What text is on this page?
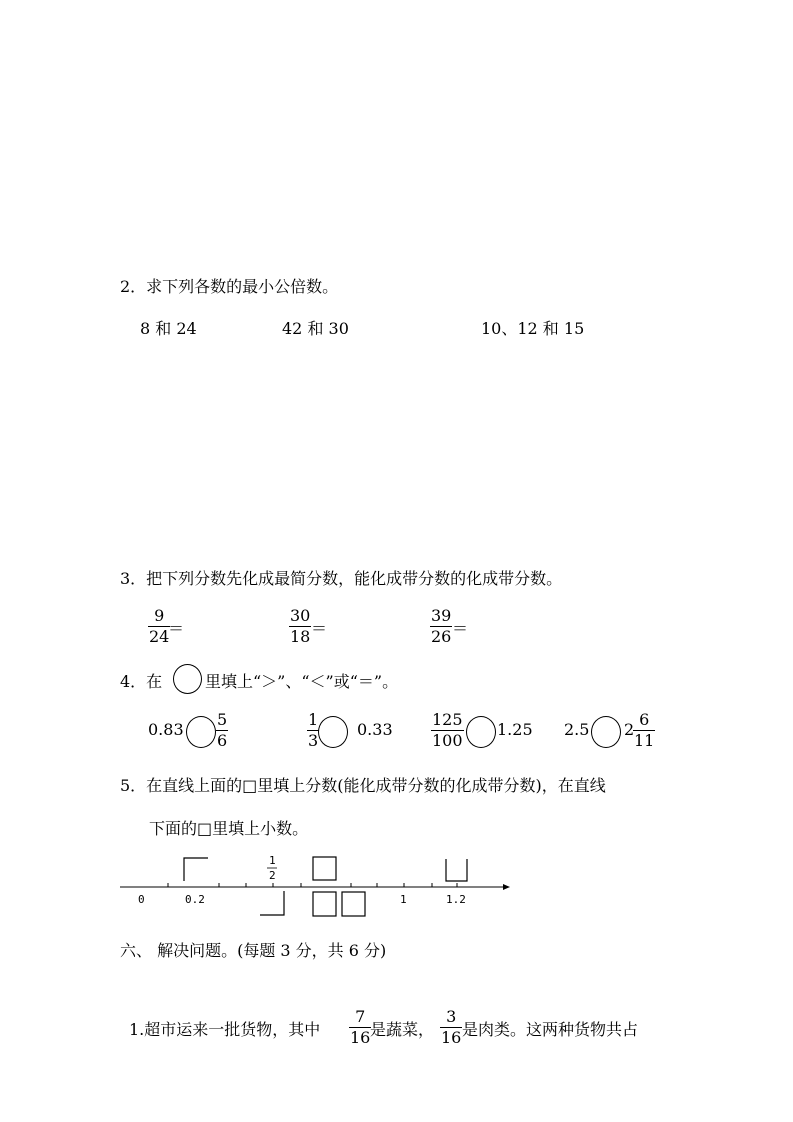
2．求下列各数的最小公倍数。
8 和 24	42 和 30	10、12 和 15
3．把下列分数先化成最简分数，能化成带分数的化成带分数。
$\frac{9}{24}$
＝	$\frac{30}{18}$ ＝	$\frac{39}{26}$ ＝
4．在	里填上“＞”、“＜”或“＝”。
$0.83 \frac{5}{6}$	$\frac{1}{3} 0.33 \frac{125}{100} 1.25$ 2.5 2
$\frac{6}{11}$
5．在直线上面的□里填上分数(能化成带分数的化成带分数)，在直线
下面的□里填上小数。
0	0.2
1
2
1	1.2
六、 解决问题。(每题 3 分，共 6 分)
1.超市运来一批货物，其中 $\frac{7}{16}$
是蔬菜， $\frac{3}{16}$ 是肉类。这两种货物共占
